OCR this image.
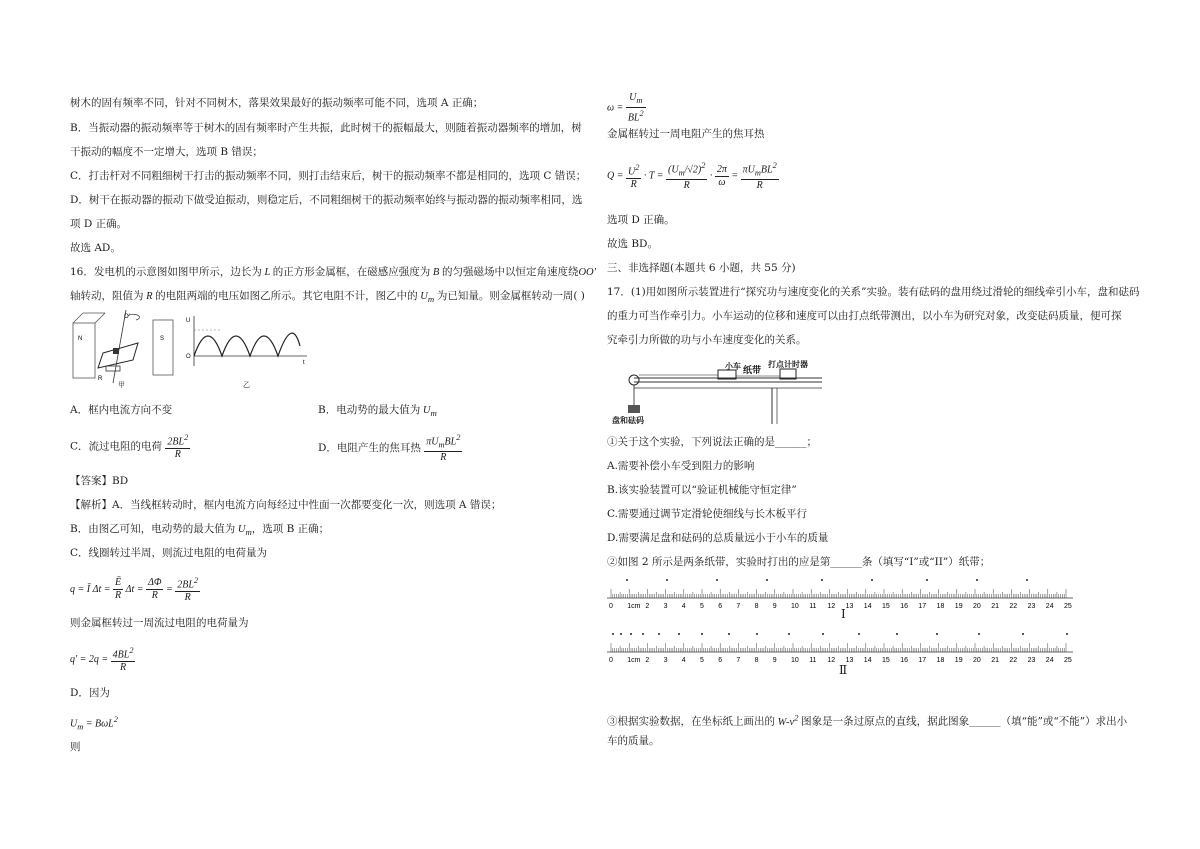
树木的固有频率不同，针对不同树木，落果效果最好的振动频率可能不同，选项 A 正确；
B．当振动器的振动频率等于树木的固有频率时产生共振，此时树干的振幅最大，则随着振动器频率的增加，树
干振动的幅度不一定增大，选项 B 错误；
C．打击杆对不同粗细树干打击的振动频率不同，则打击结束后，树干的振动频率不都是相同的，选项 C 错误；
D．树干在振动器的振动下做受迫振动，则稳定后，不同粗细树干的振动频率始终与振动器的振动频率相同，选
项 D 正确。
故选 AD。
16．发电机的示意图如图甲所示，边长为 L 的正方形金属框，在磁感应强度为 B 的匀强磁场中以恒定角速度绕OO'
轴转动，阻值为 R 的电阻两端的电压如图乙所示。其它电阻不计，图乙中的 $U_m$ 为已知量。则金属框转动一周( )
N	S
R
O'
甲
U
O
t
乙
A．框内电流方向不变	B．电动势的最大值为 $U_m$
C．流过电阻的电荷 $\frac{2BL^2}{R}$	D．电阻产生的焦耳热 $\frac{\pi U_mBL^2}{R}$
【答案】BD
【解析】A．当线框转动时，框内电流方向每经过中性面一次都要变化一次，则选项 A 错误；
B．由图乙可知，电动势的最大值为 $U_m$，选项 B 正确；
C．线圈转过半周，则流过电阻的电荷量为
q = Ī $\Delta t = \frac{Ē}{R}$ $\Delta t = \frac{\Delta\Phi}{R} = \frac{2BL^2}{R}$
则金属框转过一周流过电阻的电荷量为
$q' = 2q = \frac{4BL^2}{R}$
D．因为
$U_m = B\omega L^2$
则
$\omega = \frac{U_m}{BL^2}$
金属框转过一周电阻产生的焦耳热
$Q = \frac{U^2}{R} \cdot T = \frac{(U_m/√2)^2}{R} \cdot \frac{2\pi}{\omega} = \frac{\pi U_mBL^2}{R}$
选项 D 正确。
故选 BD。
三、非选择题(本题共 6 小题，共 55 分)
17．(1)用如图所示装置进行“探究功与速度变化的关系”实验。装有砝码的盘用绕过滑轮的细线牵引小车，盘和砝码
的重力可当作牵引力。小车运动的位移和速度可以由打点纸带测出，以小车为研究对象，改变砝码质量，便可探
究牵引力所做的功与小车速度变化的关系。
小车 纸带
打点计时器
盘和砝码
①关于这个实验，下列说法正确的是______；
A.需要补偿小车受到阻力的影响
B.该实验装置可以“验证机械能守恒定律”
C.需要通过调节定滑轮使细线与长木板平行
D.需要满足盘和砝码的总质量远小于小车的质量
②如图 2 所示是两条纸带，实验时打出的应是第______条（填写“I”或“II”）纸带；
0 1cm 2 3 4 5 6 7 8 9 10 11 12 13 14 15 16 17 18 19 20 21 22 23 24 25
Ⅰ
0 1cm 2 3 4 5 6 7 8 9 10 11 12 13 14 15 16 17 18 19 20 21 22 23 24 25
Ⅱ
③根据实验数据，在坐标纸上画出的 $W-v^2$ 图象是一条过原点的直线，据此图象______（填“能”或“不能”）求出小
车的质量。
